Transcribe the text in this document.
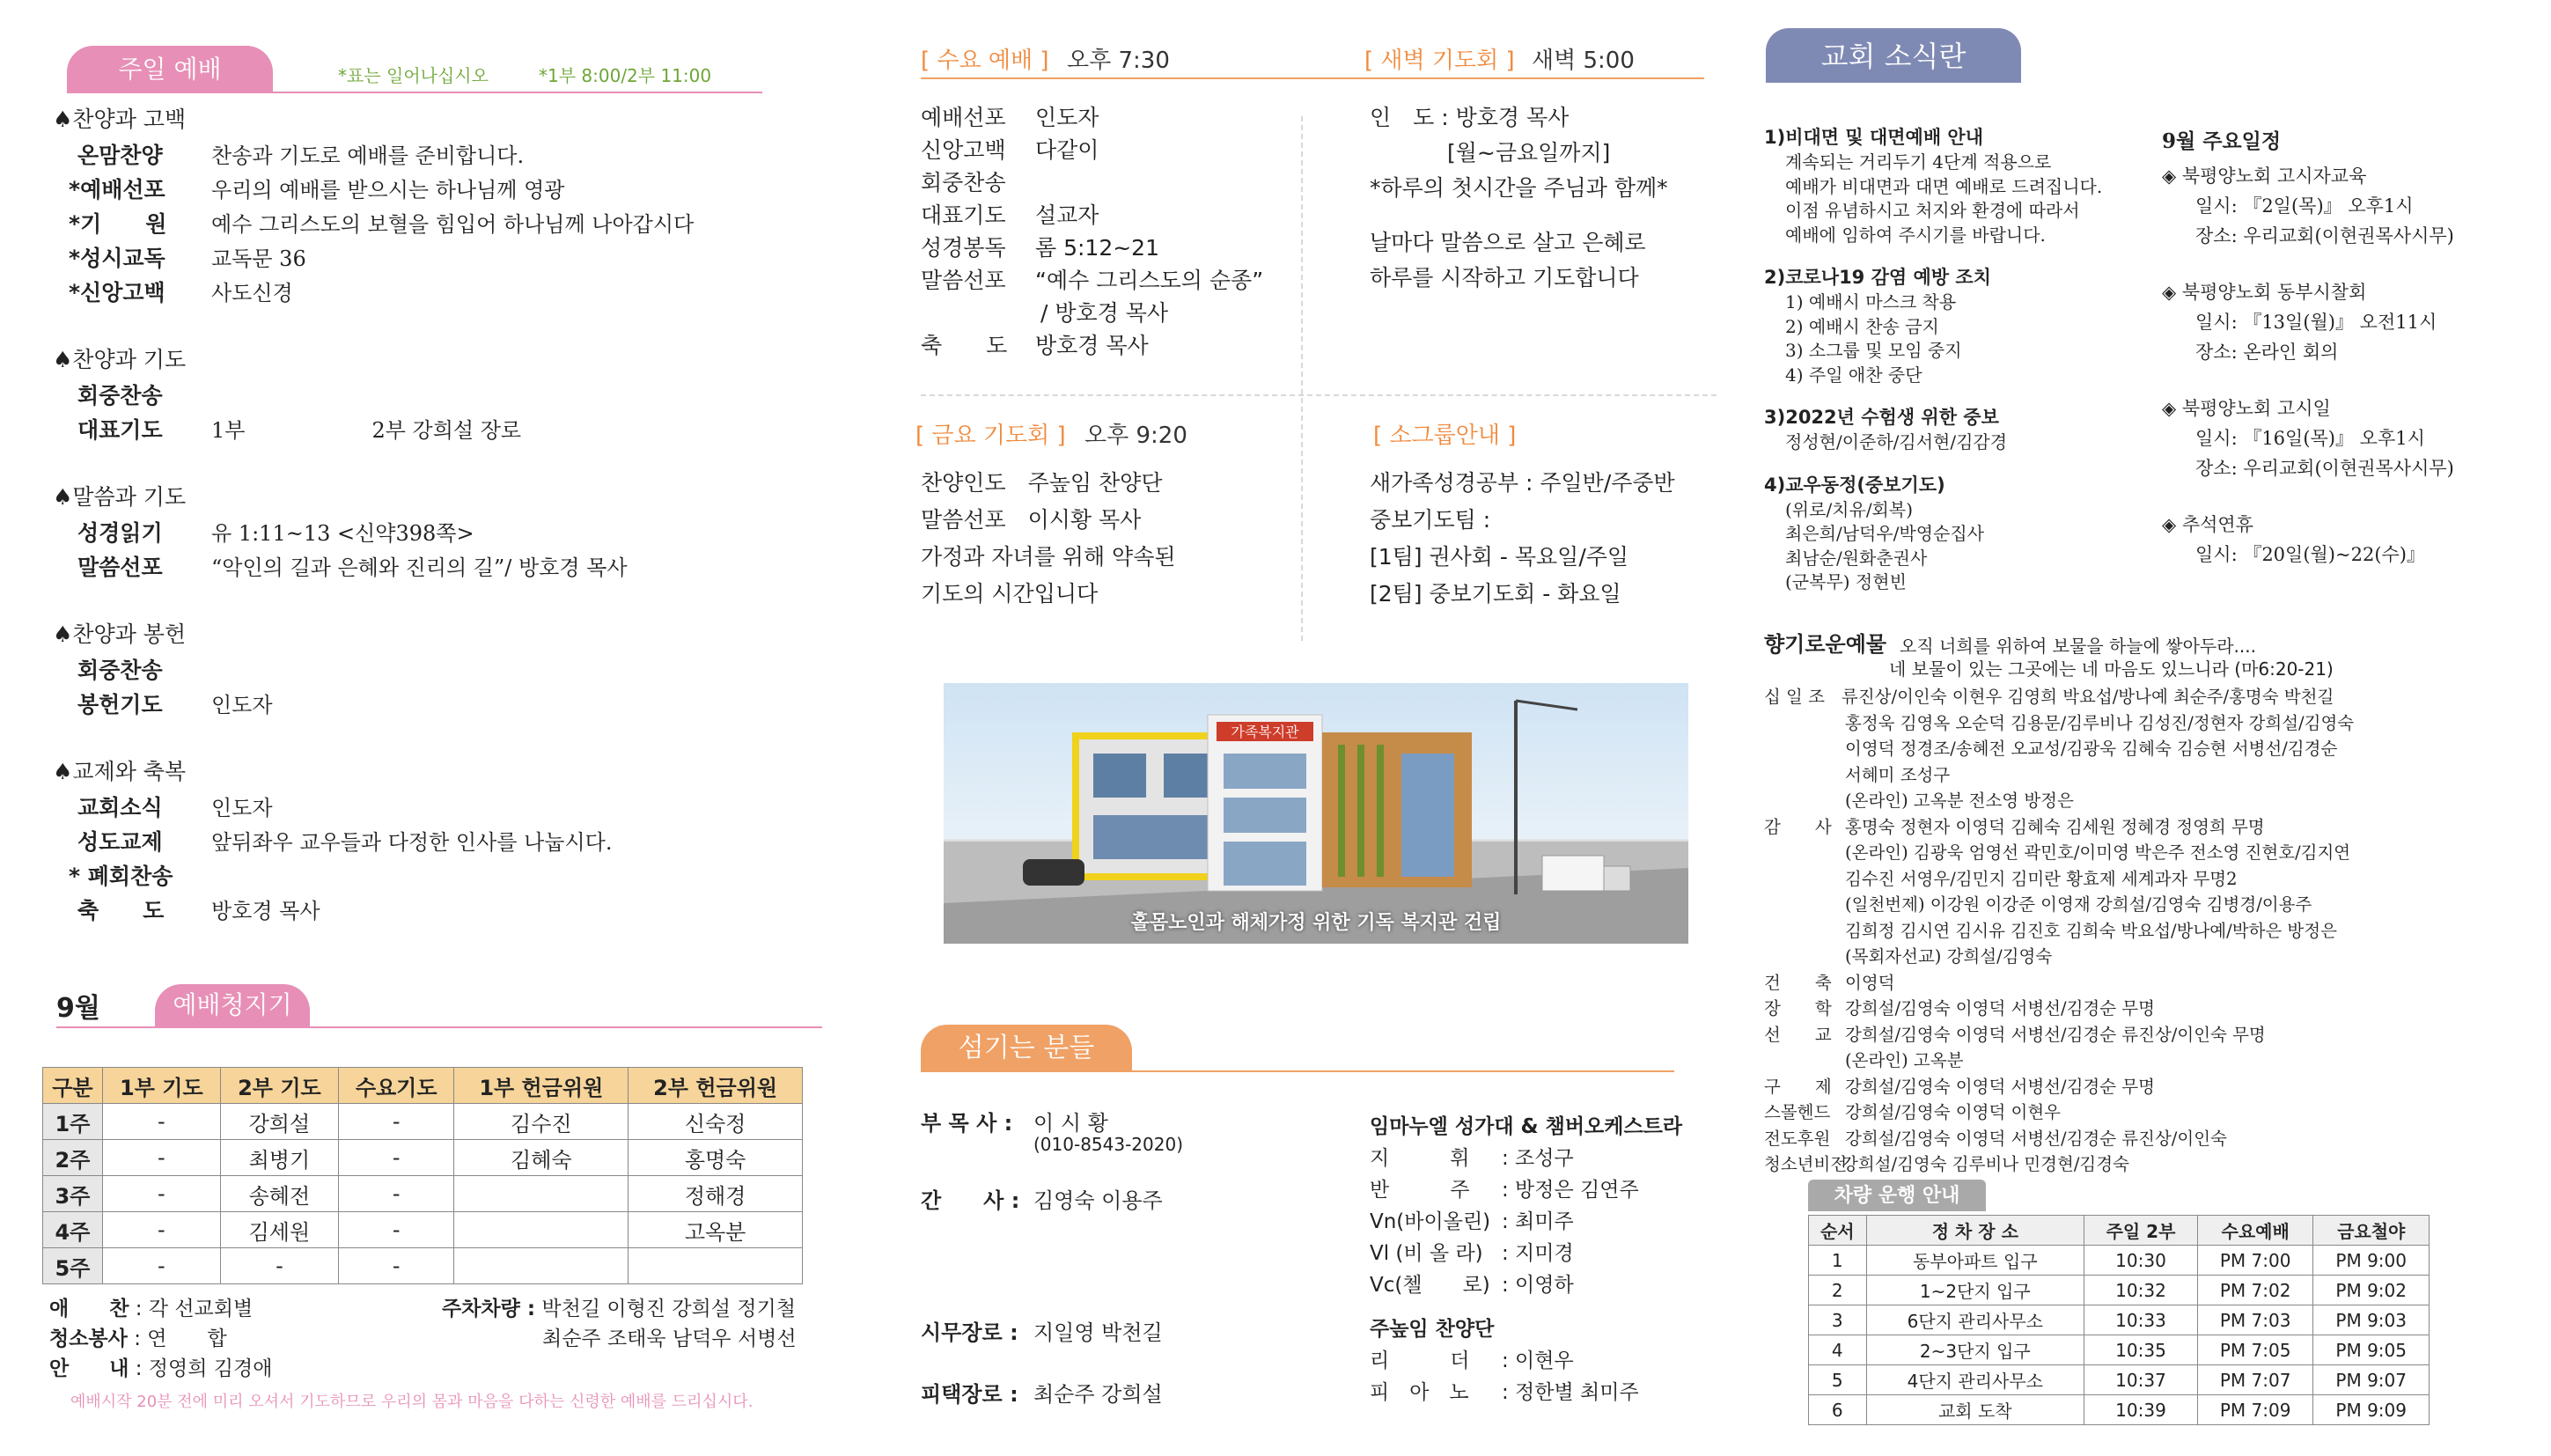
주일 예배	*표는 일어나십시오	*1부 8:00/2부 11:00
♠찬양과 고백
온맘찬양 찬송과 기도로 예배를 준비합니다.
*예배선포 우리의 예배를 받으시는 하나님께 영광
*기　　원 예수 그리스도의 보혈을 힘입어 하나님께 나아갑시다
*성시교독 교독문 36
*신앙고백 사도신경
♠찬양과 기도
회중찬송
대표기도 1부　　　　　　2부 강희설 장로
♠말씀과 기도
성경읽기 유 1:11~13 <신약398쪽>
말씀선포 “악인의 길과 은혜와 진리의 길”/ 방호경 목사
♠찬양과 봉헌
회중찬송
봉헌기도 인도자
♠교제와 축복
교회소식 인도자
성도교제 앞뒤좌우 교우들과 다정한 인사를 나눕시다.
* 폐회찬송
축　　도 방호경 목사
9월	예배청지기
구분	1부 기도	2부 기도	수요기도	1부 헌금위원	2부 헌금위원
1주	-	강희설	-	김수진	신숙정
2주	-	최병기	-	김혜숙	홍명숙
3주	-	송혜전	-		정해경
4주	-	김세원	-		고옥분
5주	-	-	-		
애　　찬 : 각 선교회별	주차차량 : 박천길 이형진 강희설 정기철
최순주 조태욱 남덕우 서병선
청소봉사 : 연　　합
안　　내 : 정영희 김경애
예배시작 20분 전에 미리 오셔서 기도하므로 우리의 몸과 마음을 다하는 신령한 예배를 드리십시다.
[ 수요 예배 ] 오후 7:30	[ 새벽 기도회 ] 새벽 5:00
예배선포 인도자
신앙고백 다같이
회중찬송
대표기도 설교자
성경봉독 롬 5:12~21
말씀선포 “예수 그리스도의 순종”
/ 방호경 목사
축　　도 방호경 목사
인　도 : 방호경 목사
[월~금요일까지]
*하루의 첫시간을 주님과 함께*
날마다 말씀으로 살고 은혜로
하루를 시작하고 기도합니다
[ 금요 기도회 ] 오후 9:20
찬양인도　 주높임 찬양단
말씀선포　 이시황 목사
가정과 자녀를 위해 약속된
기도의 시간입니다
[ 소그룹안내 ]
새가족성경공부 : 주일반/주중반
중보기도팀 :
[1팀] 권사회 - 목요일/주일
[2팀] 중보기도회 - 화요일
가족복지관
홀몸노인과 해체가정 위한 기독 복지관 건립
섬기는 분들
부 목 사 : 이 시 황
(010-8543-2020)
간　　사 : 김영숙 이용주
시무장로 : 지일영 박천길
피택장로 : 최순주 강희설
임마누엘 성가대 & 챔버오케스트라
지　　　휘 : 조성구
반　　　주 : 방정은 김연주
Vn(바이올린) : 최미주
Vl (비 올 라) : 지미경
Vc(첼　　로) : 이영하
주높임 찬양단
리　　　더 : 이현우
피　아　노 : 정한별 최미주
교회 소식란
1)비대면 및 대면예배 안내
계속되는 거리두기 4단계 적용으로
예배가 비대면과 대면 예배로 드려집니다.
이점 유념하시고 처지와 환경에 따라서
예배에 임하여 주시기를 바랍니다.
2)코로나19 감염 예방 조치
1) 예배시 마스크 착용
2) 예배시 찬송 금지
3) 소그룹 및 모임 중지
4) 주일 애찬 중단
3)2022년 수험생 위한 중보
정성현/이준하/김서현/김감경
4)교우동정(중보기도)
(위로/치유/회복)
최은희/남덕우/박영순집사
최남순/원화춘권사
(군복무) 정현빈
9월 주요일정
◈ 북평양노회 고시자교육
일시: 『2일(목)』 오후1시
장소: 우리교회(이현권목사시무)
◈ 북평양노회 동부시찰회
일시: 『13일(월)』 오전11시
장소: 온라인 회의
◈ 북평양노회 고시일
일시: 『16일(목)』 오후1시
장소: 우리교회(이현권목사시무)
◈ 추석연휴
일시: 『20일(월)~22(수)』
향기로운예물 오직 너희를 위하여 보물을 하늘에 쌓아두라....
네 보물이 있는 그곳에는 네 마음도 있느니라 (마6:20-21)
십 일 조 류진상/이인숙 이현우 김영희 박요섭/방나예 최순주/홍명숙 박천길
홍정욱 김영옥 오순덕 김용문/김루비나 김성진/정현자 강희설/김영숙
이영덕 정경조/송혜전 오교성/김광욱 김혜숙 김승현 서병선/김경순
서혜미 조성구
(온라인) 고옥분 전소영 방정은
감　　사 홍명숙 정현자 이영덕 김혜숙 김세원 정혜경 정영희 무명
(온라인) 김광욱 엄영선 곽민호/이미영 박은주 전소영 진현호/김지연
김수진 서영우/김민지 김미란 황효제 세계과자 무명2
(일천번제) 이강원 이강준 이영재 강희설/김영숙 김병경/이용주
김희정 김시연 김시유 김진호 김희숙 박요섭/방나예/박하은 방정은
(목회자선교) 강희설/김영숙
건　　축 이영덕
장　　학 강희설/김영숙 이영덕 서병선/김경순 무명
선　　교 강희설/김영숙 이영덕 서병선/김경순 류진상/이인숙 무명
(온라인) 고옥분
구　　제 강희설/김영숙 이영덕 서병선/김경순 무명
스몰헨드 강희설/김영숙 이영덕 이현우
전도후원 강희설/김영숙 이영덕 서병선/김경순 류진상/이인숙
청소년비전
강희설/김영숙 김루비나 민경현/김경숙
차량 운행 안내
순서	정 차 장 소	주일 2부	수요예배	금요철야
1	동부아파트 입구	10:30	PM 7:00	PM 9:00
2	1~2단지 입구	10:32	PM 7:02	PM 9:02
3	6단지 관리사무소	10:33	PM 7:03	PM 9:03
4	2~3단지 입구	10:35	PM 7:05	PM 9:05
5	4단지 관리사무소	10:37	PM 7:07	PM 9:07
6	교회 도착	10:39	PM 7:09	PM 9:09
